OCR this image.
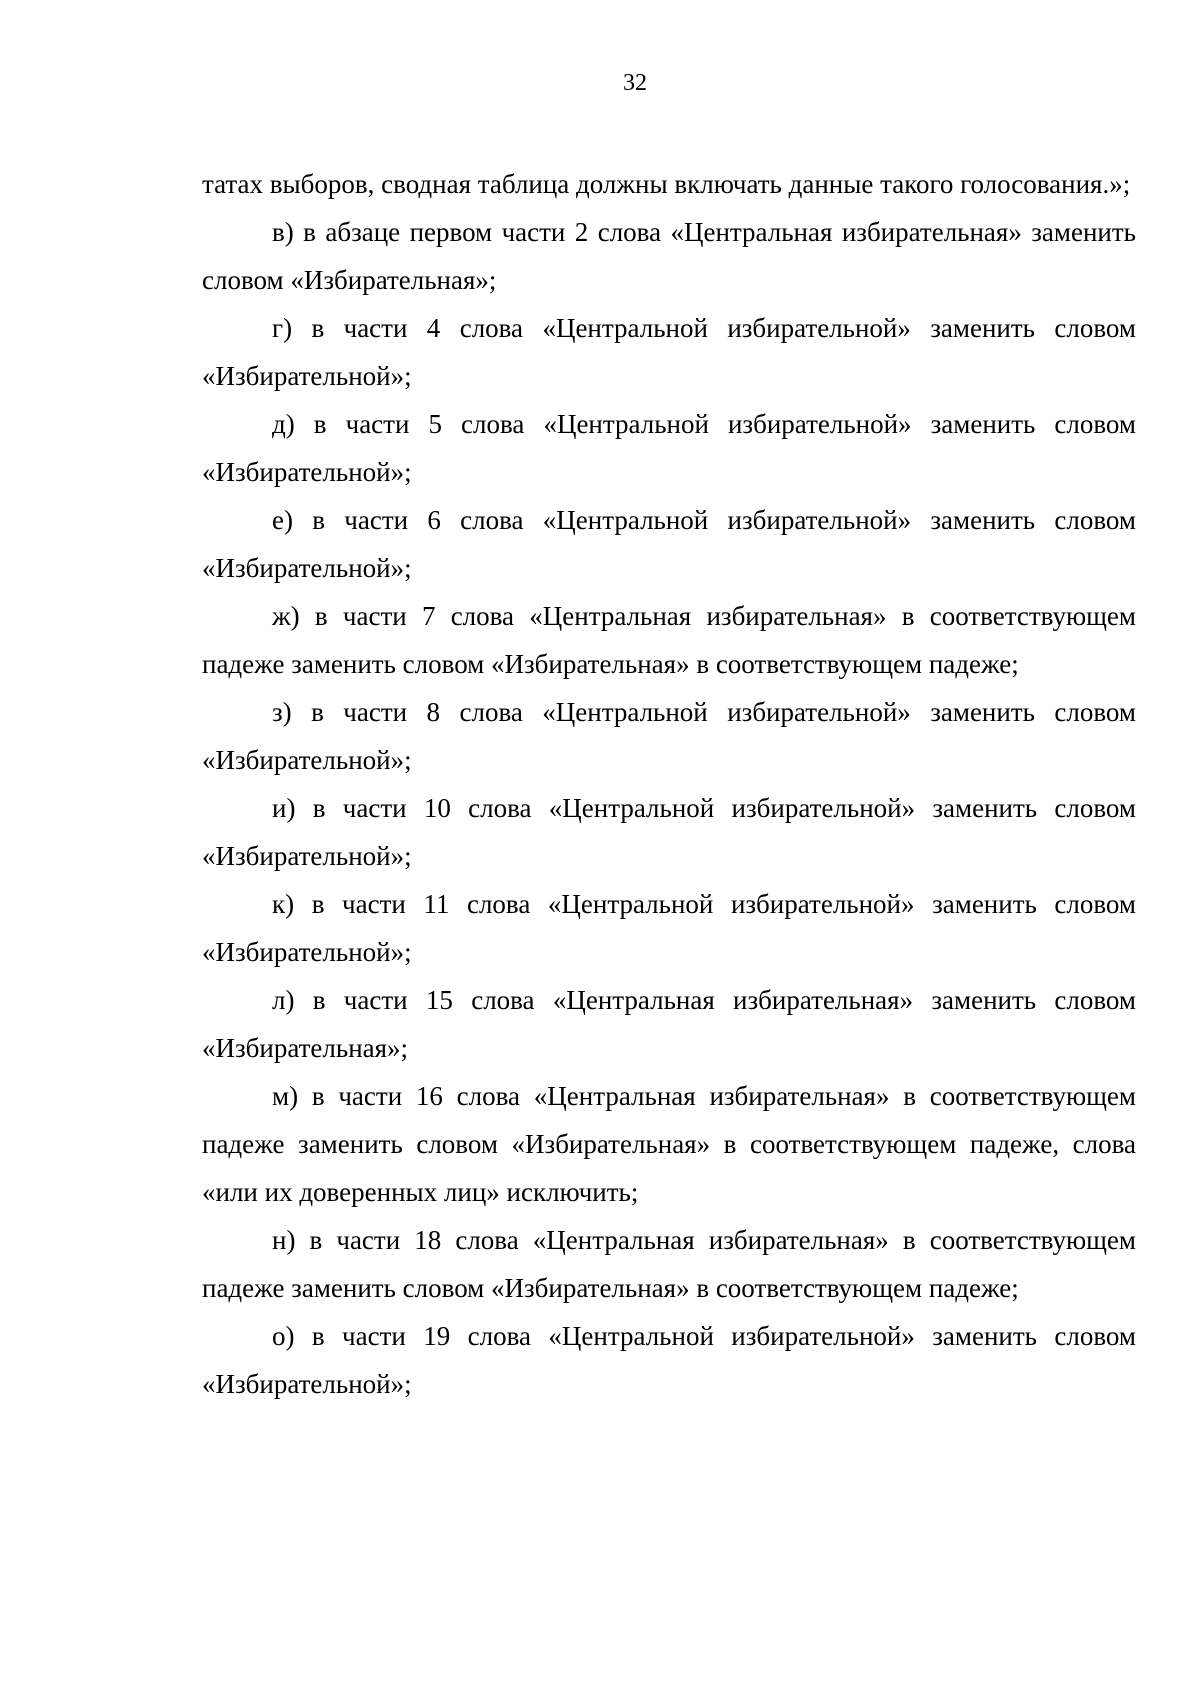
32

татах выборов, сводная таблица должны включать данные такого голосования.»;

в) в абзаце первом части 2 слова «Центральная избирательная» заменить словом «Избирательная»;

г) в части 4 слова «Центральной избирательной» заменить словом «Избирательной»;

д) в части 5 слова «Центральной избирательной» заменить словом «Избирательной»;

е) в части 6 слова «Центральной избирательной» заменить словом «Избирательной»;

ж) в части 7 слова «Центральная избирательная» в соответствующем падеже заменить словом «Избирательная» в соответствующем падеже;

з) в части 8 слова «Центральной избирательной» заменить словом «Избирательной»;

и) в части 10 слова «Центральной избирательной» заменить словом «Избирательной»;

к) в части 11 слова «Центральной избирательной» заменить словом «Избирательной»;

л) в части 15 слова «Центральная избирательная» заменить словом «Избирательная»;

м) в части 16 слова «Центральная избирательная» в соответствующем падеже заменить словом «Избирательная» в соответствующем падеже, слова «или их доверенных лиц» исключить;

н) в части 18 слова «Центральная избирательная» в соответствующем падеже заменить словом «Избирательная» в соответствующем падеже;

о) в части 19 слова «Центральной избирательной» заменить словом «Избирательной»;
